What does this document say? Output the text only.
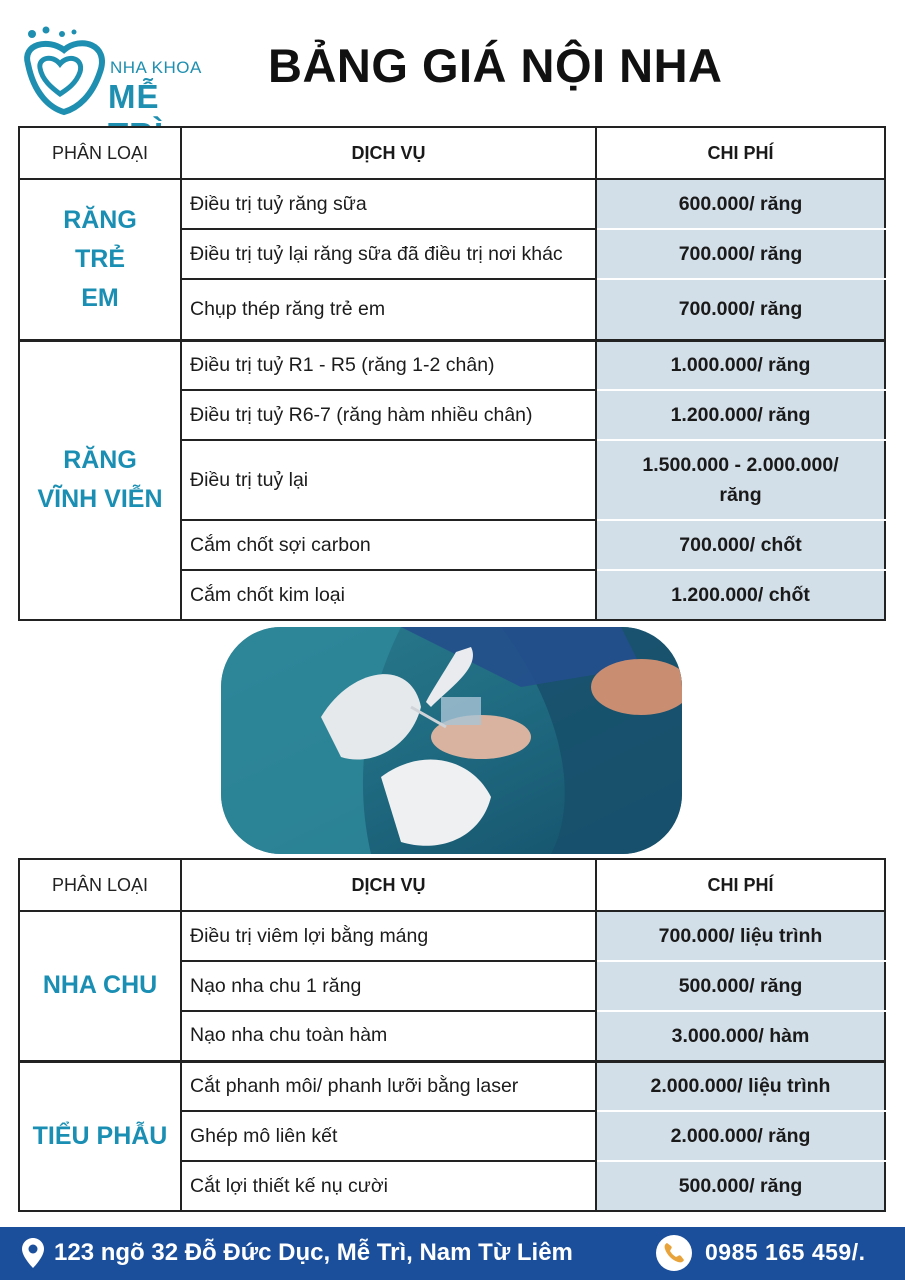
NHA KHOA
MỄ
BẢNG GIÁ NỘI NHA
PHÂN LOẠI	DỊCH VỤ	CHI PHÍ

RĂNG
TRẺ
EM	Điều trị tuỷ răng sữa	600.000/ răng
	Điều trị tuỷ lại răng sữa đã điều trị nơi khác	700.000/ răng
	Chụp thép răng trẻ em	700.000/ răng

RĂNG
VĨNH VIỄN	Điều trị tuỷ R1 - R5 (răng 1-2 chân)	1.000.000/ răng
	Điều trị tuỷ R6-7 (răng hàm nhiều chân)	1.200.000/ răng
	Điều trị tuỷ lại	1.500.000 - 2.000.000/
răng

	Cắm chốt sợi carbon	700.000/ chốt
	Cắm chốt kim loại	1.200.000/ chốt
PHÂN LOẠI	DỊCH VỤ	CHI PHÍ

NHA CHU	Điều trị viêm lợi bằng máng	700.000/ liệu trình
	Nạo nha chu 1 răng	500.000/ răng
	Nạo nha chu toàn hàm	3.000.000/ hàm

TIỂU PHẪU	Cắt phanh môi/ phanh lưỡi bằng laser	2.000.000/ liệu trình
	Ghép mô liên kết	2.000.000/ răng
	Cắt lợi thiết kế nụ cười	500.000/ răng
123 ngõ 32 Đỗ Đức Dục, Mễ Trì, Nam Từ Liêm	0985 165 459/.
